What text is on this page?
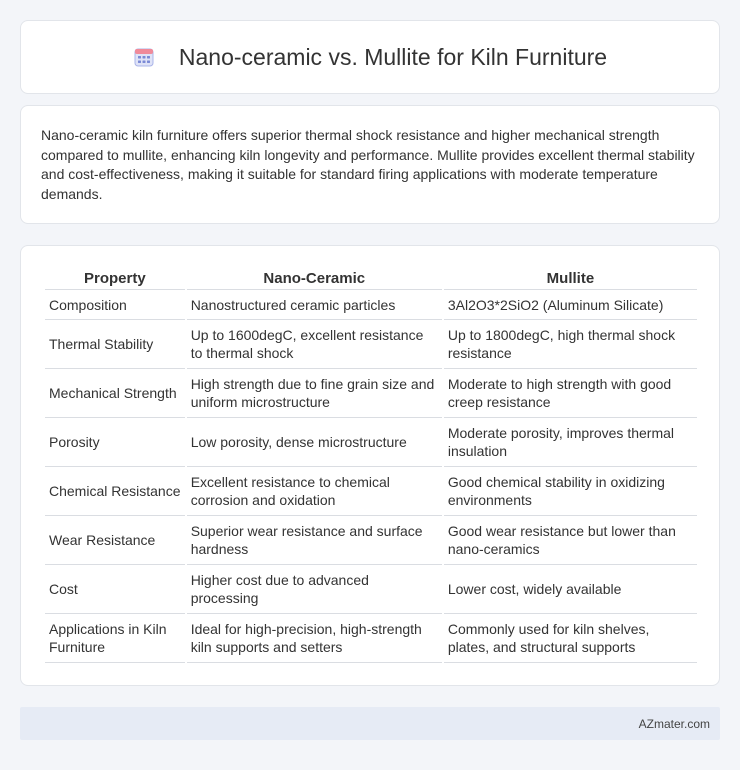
Nano-ceramic vs. Mullite for Kiln Furniture

Nano-ceramic kiln furniture offers superior thermal shock resistance and higher mechanical strength compared to mullite, enhancing kiln longevity and performance. Mullite provides excellent thermal stability and cost-effectiveness, making it suitable for standard firing applications with moderate temperature demands.

Property	Nano-Ceramic	Mullite
Composition	Nanostructured ceramic particles	3Al2O3*2SiO2 (Aluminum Silicate)
Thermal Stability	Up to 1600degC, excellent resistance to thermal shock	Up to 1800degC, high thermal shock resistance
Mechanical Strength	High strength due to fine grain size and uniform microstructure	Moderate to high strength with good creep resistance
Porosity	Low porosity, dense microstructure	Moderate porosity, improves thermal insulation
Chemical Resistance	Excellent resistance to chemical corrosion and oxidation	Good chemical stability in oxidizing environments
Wear Resistance	Superior wear resistance and surface hardness	Good wear resistance but lower than nano-ceramics
Cost	Higher cost due to advanced processing	Lower cost, widely available
Applications in Kiln Furniture	Ideal for high-precision, high-strength kiln supports and setters	Commonly used for kiln shelves, plates, and structural supports
AZmater.com
